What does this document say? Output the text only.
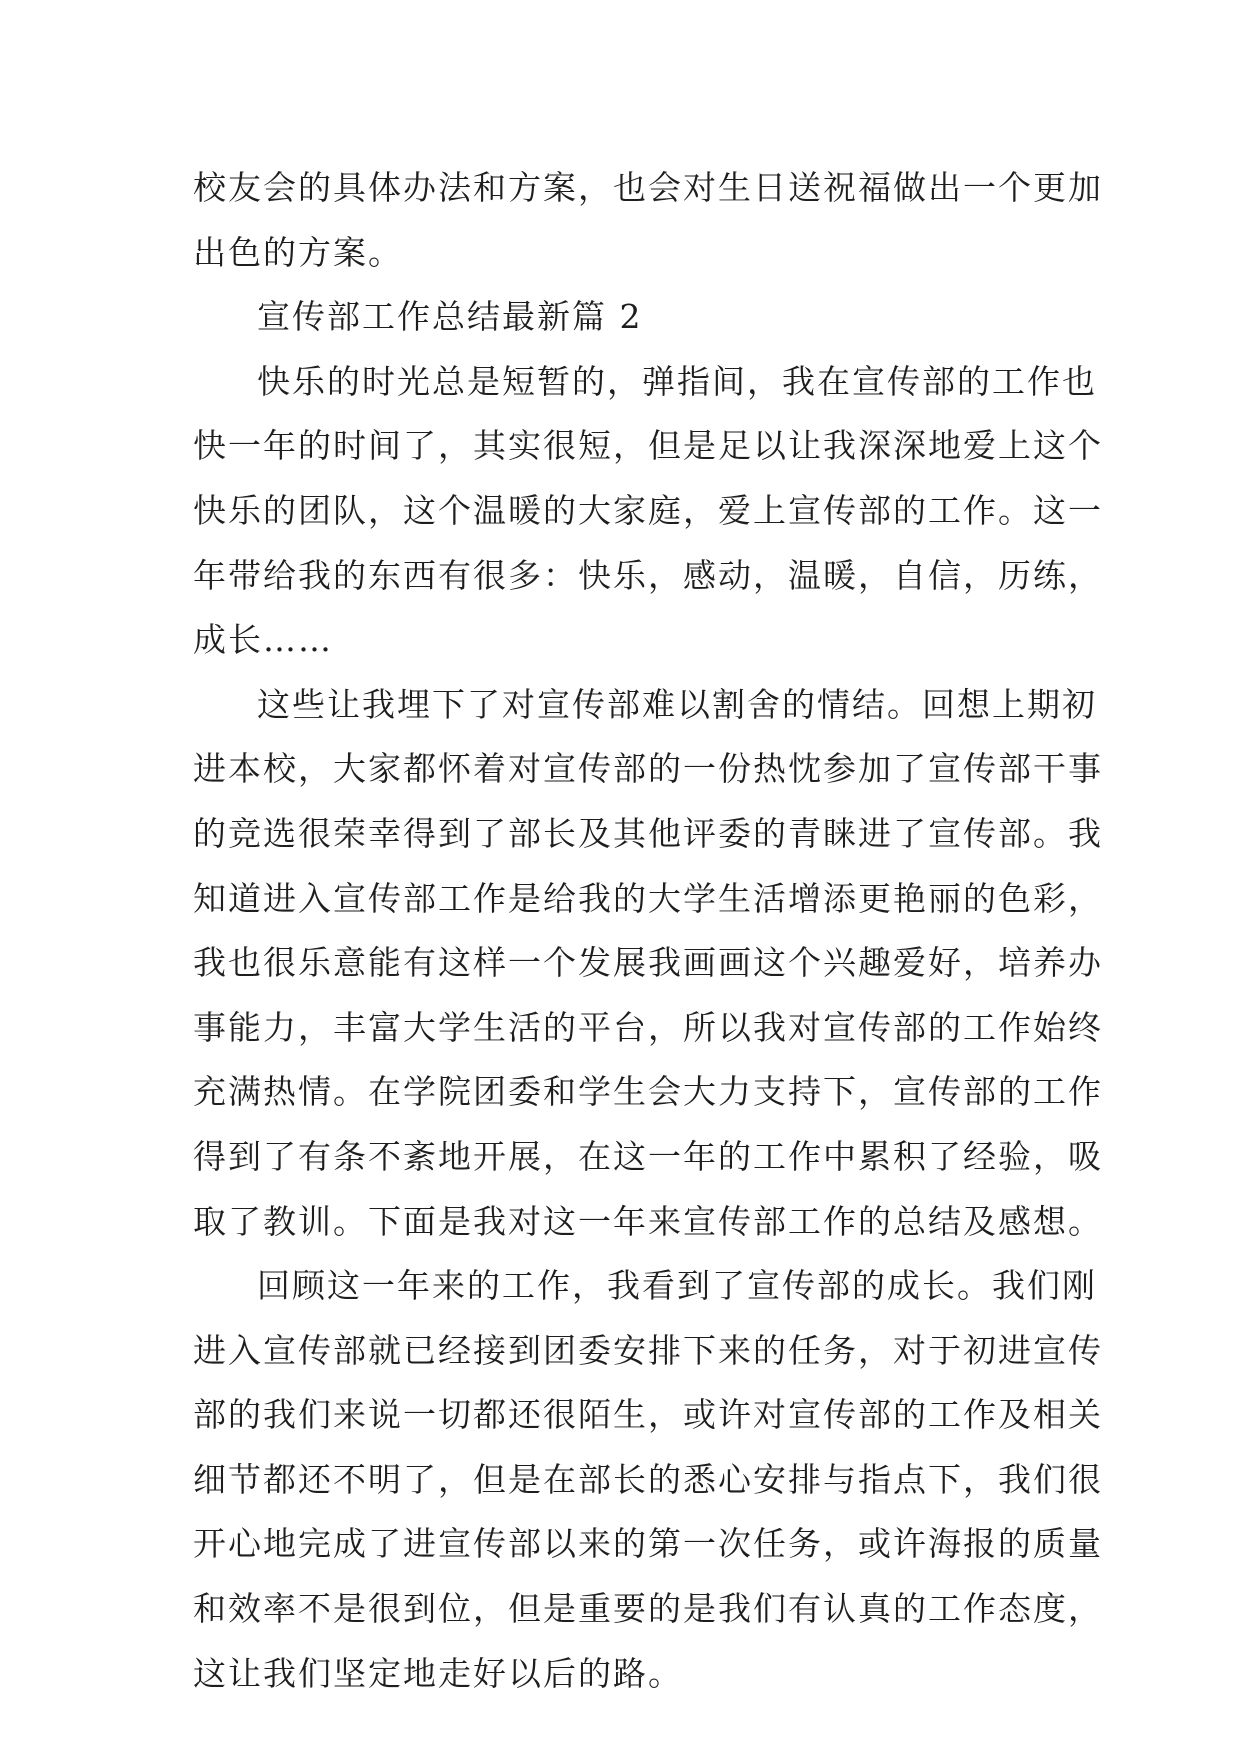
校友会的具体办法和方案，也会对生日送祝福做出一个更加
出色的方案。
宣传部工作总结最新篇 2
快乐的时光总是短暂的，弹指间，我在宣传部的工作也
快一年的时间了，其实很短，但是足以让我深深地爱上这个
快乐的团队，这个温暖的大家庭，爱上宣传部的工作。这一
年带给我的东西有很多：快乐，感动，温暖，自信，历练，
成长……
这些让我埋下了对宣传部难以割舍的情结。回想上期初
进本校，大家都怀着对宣传部的一份热忱参加了宣传部干事
的竞选很荣幸得到了部长及其他评委的青睐进了宣传部。我
知道进入宣传部工作是给我的大学生活增添更艳丽的色彩，
我也很乐意能有这样一个发展我画画这个兴趣爱好，培养办
事能力，丰富大学生活的平台，所以我对宣传部的工作始终
充满热情。在学院团委和学生会大力支持下，宣传部的工作
得到了有条不紊地开展，在这一年的工作中累积了经验，吸
取了教训。下面是我对这一年来宣传部工作的总结及感想。
回顾这一年来的工作，我看到了宣传部的成长。我们刚
进入宣传部就已经接到团委安排下来的任务，对于初进宣传
部的我们来说一切都还很陌生，或许对宣传部的工作及相关
细节都还不明了，但是在部长的悉心安排与指点下，我们很
开心地完成了进宣传部以来的第一次任务，或许海报的质量
和效率不是很到位，但是重要的是我们有认真的工作态度，
这让我们坚定地走好以后的路。
